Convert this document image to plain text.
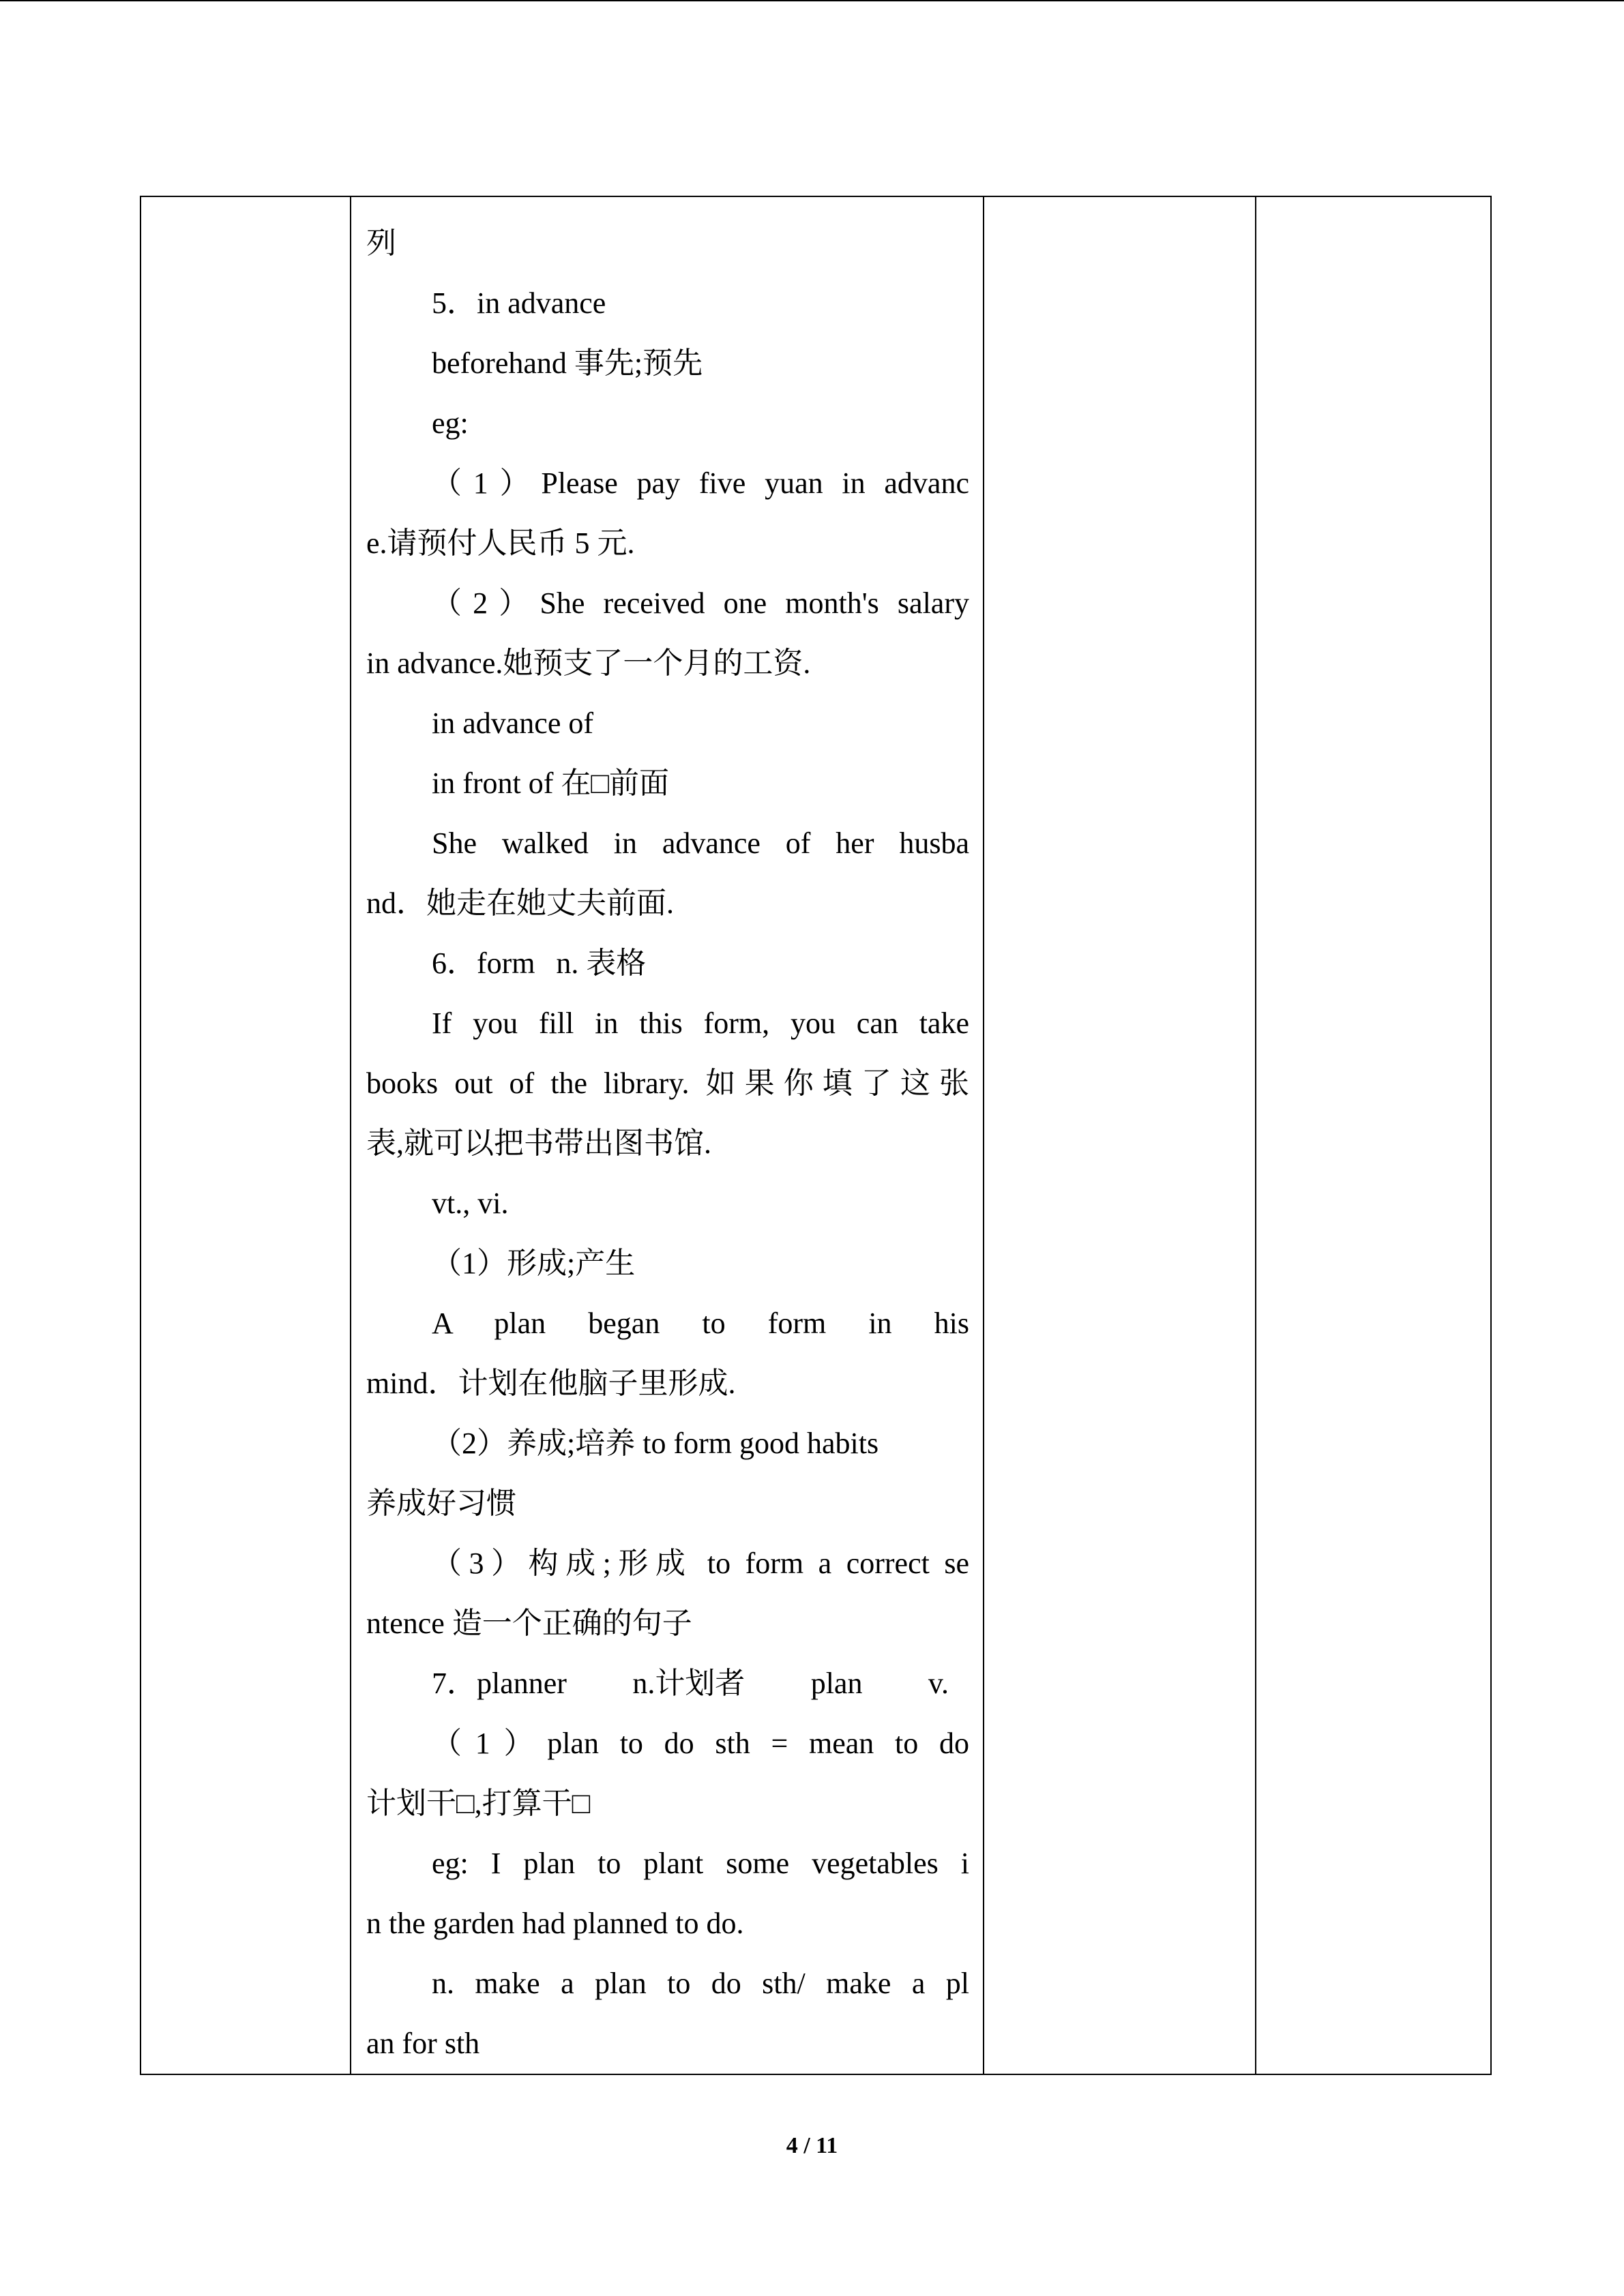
列
5．in advance
beforehand 事先;预先
eg:
（1）Please pay five yuan in advanc
e.请预付人民币 5 元.
（2）She received one month's salary
in advance.她预支了一个月的工资.
in advance of
in front of 在□前面
She walked in advance of her husba
nd．她走在她丈夫前面.
6．form n. 表格
If you fill in this form, you can take
books out of the library. 如果你填了这张
表,就可以把书带出图书馆.
vt., vi.
（1）形成;产生
A plan began to form in his
mind．计划在他脑子里形成.
（2）养成;培养 to form good habits
养成好习惯
（3）构成;形成 to form a correct se
ntence 造一个正确的句子
7．planner n.计划者 plan v.
（1）plan to do sth = mean to do
计划干□,打算干□
eg: I plan to plant some vegetables i
n the garden had planned to do.
n. make a plan to do sth/ make a pl
an for sth

4 / 11
